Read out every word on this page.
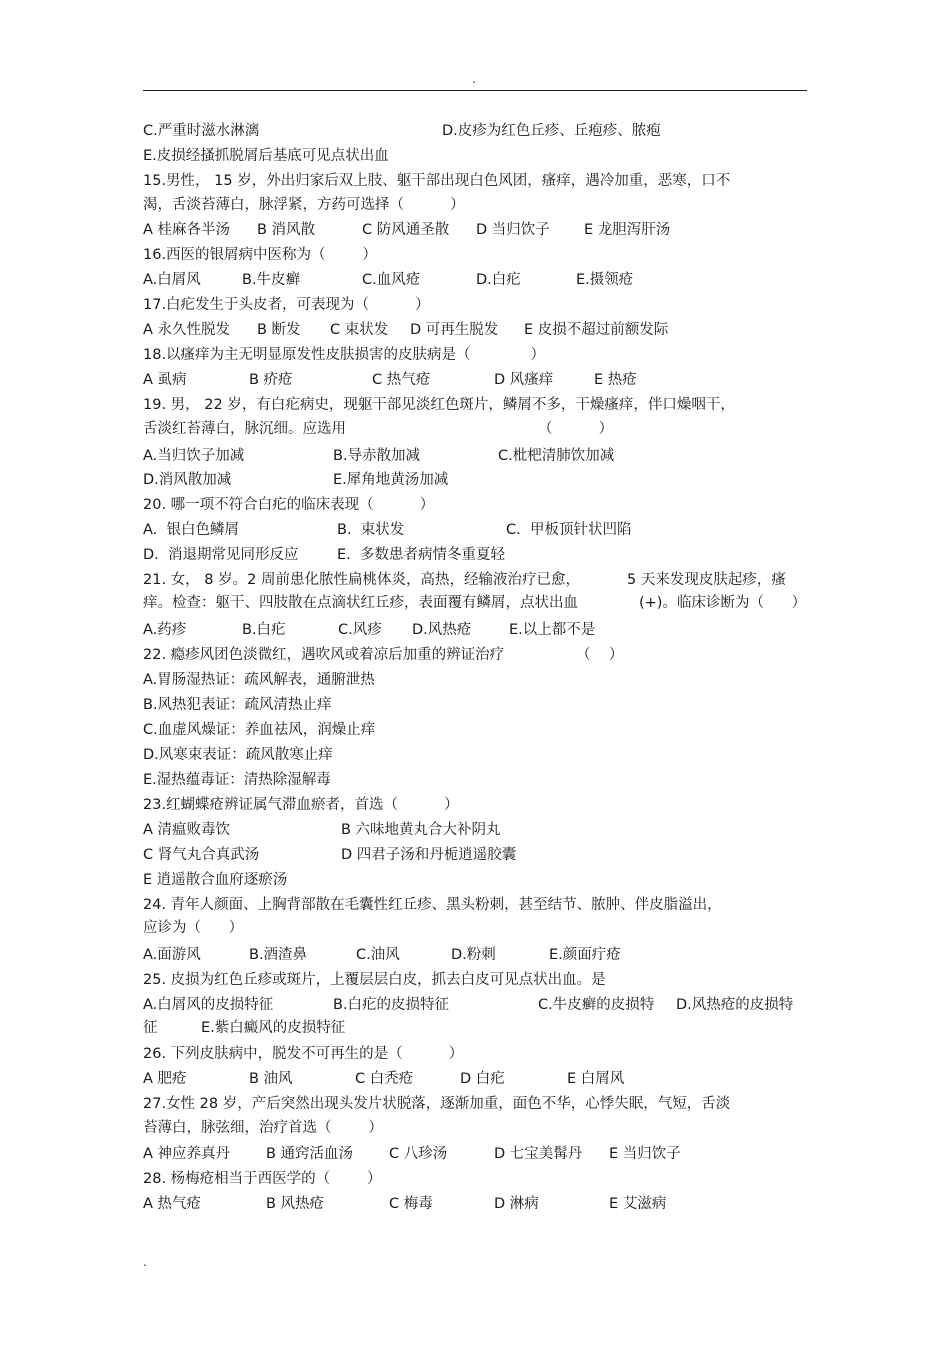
.
C.严重时滋水淋漓	D.皮疹为红色丘疹、丘疱疹、脓疱
E.皮损经搔抓脱屑后基底可见点状出血
15.男性， 15 岁，外出归家后双上肢、躯干部出现白色风团，瘙痒，遇冷加重，恶寒，口不
渴，舌淡苔薄白，脉浮紧，方药可选择（          ）
A 桂麻各半汤 B 消风散	C 防风通圣散 D 当归饮子 E 龙胆泻肝汤
16.西医的银屑病中医称为（        ）
A.白屑风	B.牛皮癣	C.血风疮	D.白疕	E.摄领疮
17.白疕发生于头皮者，可表现为（          ）
A 永久性脱发 B 断发 C 束状发 D 可再生脱发 E 皮损不超过前额发际
18.以瘙痒为主无明显原发性皮肤损害的皮肤病是（             ）
A 虱病	B 疥疮	C 热气疮	D 风瘙痒	E 热疮
19. 男， 22 岁，有白疕病史，现躯干部见淡红色斑片，鳞屑不多，干燥瘙痒，伴口燥咽干，
舌淡红苔薄白，脉沉细。应选用	（          ）
A.当归饮子加减	B.导赤散加减	C.枇杷清肺饮加减
D.消风散加减	E.犀角地黄汤加减
20. 哪一项不符合白疕的临床表现（          ）
A.  银白色鳞屑	B.  束状发	C.  甲板顶针状凹陷
D.  消退期常见同形反应	E.  多数患者病情冬重夏轻
21. 女， 8 岁。2 周前患化脓性扁桃体炎，高热，经输液治疗已愈，	5 天来发现皮肤起疹，瘙
痒。检查：躯干、四肢散在点滴状红丘疹，表面覆有鳞屑，点状出血	(+)。临床诊断为（      ）
A.药疹	B.白疕	C.风疹 D.风热疮	E.以上都不是
22. 瘾疹风团色淡微红，遇吹风或着凉后加重的辨证治疗	（    ）
A.胃肠湿热证：疏风解表，通腑泄热
B.风热犯表证：疏风清热止痒
C.血虚风燥证：养血祛风，润燥止痒
D.风寒束表证：疏风散寒止痒
E.湿热蕴毒证：清热除湿解毒
23.红蝴蝶疮辨证属气滞血瘀者，首选（          ）
A 清瘟败毒饮	B 六味地黄丸合大补阴丸
C 肾气丸合真武汤	D 四君子汤和丹栀逍遥胶囊
E 逍遥散合血府逐瘀汤
24. 青年人颜面、上胸背部散在毛囊性红丘疹、黑头粉刺，甚至结节、脓肿、伴皮脂溢出，
应诊为（      ）
A.面游风	B.酒渣鼻	C.油风	D.粉刺	E.颜面疔疮
25. 皮损为红色丘疹或斑片，上覆层层白皮，抓去白皮可见点状出血。是
A.白屑风的皮损特征	B.白疕的皮损特征	C.牛皮癣的皮损特 D.风热疮的皮损特
征	E.紫白癜风的皮损特征
26. 下列皮肤病中，脱发不可再生的是（          ）
A 肥疮	B 油风	C 白秃疮	D 白疕	E 白屑风
27.女性 28 岁，产后突然出现头发片状脱落，逐渐加重，面色不华，心悸失眠，气短，舌淡
苔薄白，脉弦细，治疗首选（        ）
A 神应养真丹 B 通窍活血汤 C 八珍汤	D 七宝美髯丹 E 当归饮子
28. 杨梅疮相当于西医学的（        ）
A 热气疮	B 风热疮	C 梅毒	D 淋病	E 艾滋病
.
